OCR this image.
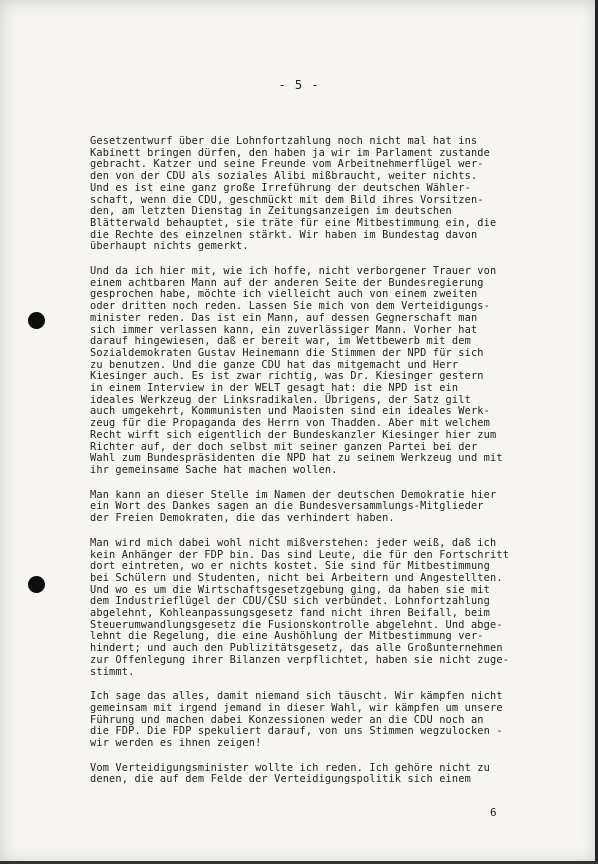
- 5 -
Gesetzentwurf über die Lohnfortzahlung noch nicht mal hat ins
Kabinett bringen dürfen, den haben ja wir im Parlament zustande
gebracht. Katzer und seine Freunde vom Arbeitnehmerflügel wer-
den von der CDU als soziales Alibi mißbraucht, weiter nichts.
Und es ist eine ganz große Irreführung der deutschen Wähler-
schaft, wenn die CDU, geschmückt mit dem Bild ihres Vorsitzen-
den, am letzten Dienstag in Zeitungsanzeigen im deutschen
Blätterwald behauptet, sie träte für eine Mitbestimmung ein, die
die Rechte des einzelnen stärkt. Wir haben im Bundestag davon
überhaupt nichts gemerkt.
Und da ich hier mit, wie ich hoffe, nicht verborgener Trauer von
einem achtbaren Mann auf der anderen Seite der Bundesregierung
gesprochen habe, möchte ich vielleicht auch von einem zweiten
oder dritten noch reden. Lassen Sie mich von dem Verteidigungs-
minister reden. Das ist ein Mann, auf dessen Gegnerschaft man
sich immer verlassen kann, ein zuverlässiger Mann. Vorher hat
darauf hingewiesen, daß er bereit war, im Wettbewerb mit dem
Sozialdemokraten Gustav Heinemann die Stimmen der NPD für sich
zu benutzen. Und die ganze CDU hat das mitgemacht und Herr
Kiesinger auch. Es ist zwar richtig, was Dr. Kiesinger gestern
in einem Interview in der WELT gesagt hat: die NPD ist ein
ideales Werkzeug der Linksradikalen. Übrigens, der Satz gilt
auch umgekehrt, Kommunisten und Maoisten sind ein ideales Werk-
zeug für die Propaganda des Herrn von Thadden. Aber mit welchem
Recht wirft sich eigentlich der Bundeskanzler Kiesinger hier zum
Richter auf, der doch selbst mit seiner ganzen Partei bei der
Wahl zum Bundespräsidenten die NPD hat zu seinem Werkzeug und mit
ihr gemeinsame Sache hat machen wollen.
Man kann an dieser Stelle im Namen der deutschen Demokratie hier
ein Wort des Dankes sagen an die Bundesversammlungs-Mitglieder
der Freien Demokraten, die das verhindert haben.
Man wird mich dabei wohl nicht mißverstehen: jeder weiß, daß ich
kein Anhänger der FDP bin. Das sind Leute, die für den Fortschritt
dort eintreten, wo er nichts kostet. Sie sind für Mitbestimmung
bei Schülern und Studenten, nicht bei Arbeitern und Angestellten.
Und wo es um die Wirtschaftsgesetzgebung ging, da haben sie mit
dem Industrieflügel der CDU/CSU sich verbündet. Lohnfortzahlung
abgelehnt, Kohleanpassungsgesetz fand nicht ihren Beifall, beim
Steuerumwandlungsgesetz die Fusionskontrolle abgelehnt. Und abge-
lehnt die Regelung, die eine Aushöhlung der Mitbestimmung ver-
hindert; und auch den Publizitätsgesetz, das alle Großunternehmen
zur Offenlegung ihrer Bilanzen verpflichtet, haben sie nicht zuge-
stimmt.
Ich sage das alles, damit niemand sich täuscht. Wir kämpfen nicht
gemeinsam mit irgend jemand in dieser Wahl, wir kämpfen um unsere
Führung und machen dabei Konzessionen weder an die CDU noch an
die FDP. Die FDP spekuliert darauf, von uns Stimmen wegzulocken -
wir werden es ihnen zeigen!
Vom Verteidigungsminister wollte ich reden. Ich gehöre nicht zu
denen, die auf dem Felde der Verteidigungspolitik sich einem
6
